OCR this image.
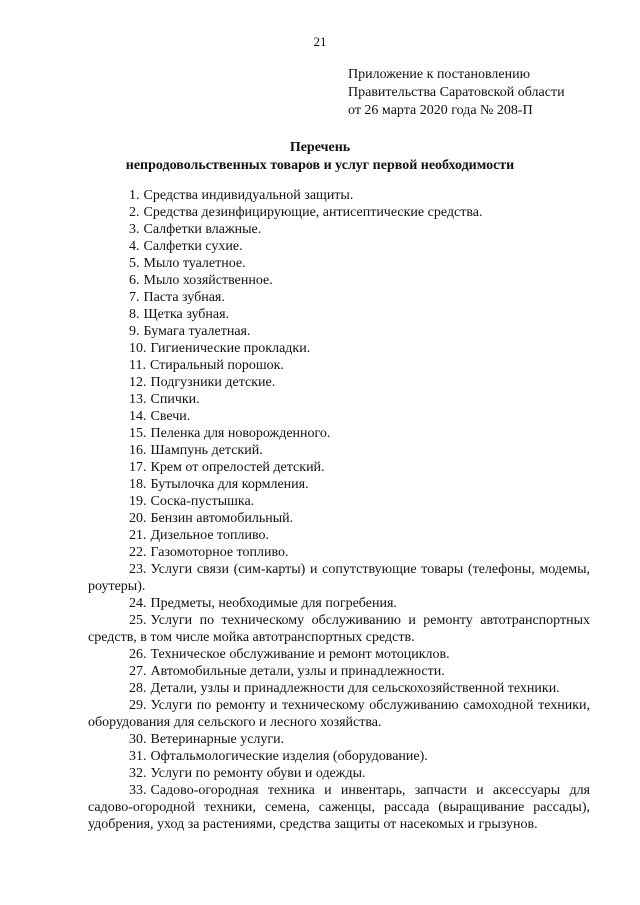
21
Приложение к постановлению
Правительства Саратовской области
от 26 марта 2020 года № 208-П
Перечень
непродовольственных товаров и услуг первой необходимости
1. Средства индивидуальной защиты.
2. Средства дезинфицирующие, антисептические средства.
3. Салфетки влажные.
4. Салфетки сухие.
5. Мыло туалетное.
6. Мыло хозяйственное.
7. Паста зубная.
8. Щетка зубная.
9. Бумага туалетная.
10. Гигиенические прокладки.
11. Стиральный порошок.
12. Подгузники детские.
13. Спички.
14. Свечи.
15. Пеленка для новорожденного.
16. Шампунь детский.
17. Крем от опрелостей детский.
18. Бутылочка для кормления.
19. Соска-пустышка.
20. Бензин автомобильный.
21. Дизельное топливо.
22. Газомоторное топливо.
23. Услуги связи (сим-карты) и сопутствующие товары (телефоны, модемы, роутеры).
24. Предметы, необходимые для погребения.
25. Услуги по техническому обслуживанию и ремонту автотранспортных средств, в том числе мойка автотранспортных средств.
26. Техническое обслуживание и ремонт мотоциклов.
27. Автомобильные детали, узлы и принадлежности.
28. Детали, узлы и принадлежности для сельскохозяйственной техники.
29. Услуги по ремонту и техническому обслуживанию самоходной техники, оборудования для сельского и лесного хозяйства.
30. Ветеринарные услуги.
31. Офтальмологические изделия (оборудование).
32. Услуги по ремонту обуви и одежды.
33. Садово-огородная техника и инвентарь, запчасти и аксессуары для садово-огородной техники, семена, саженцы, рассада (выращивание рассады), удобрения, уход за растениями, средства защиты от насекомых и грызунов.
